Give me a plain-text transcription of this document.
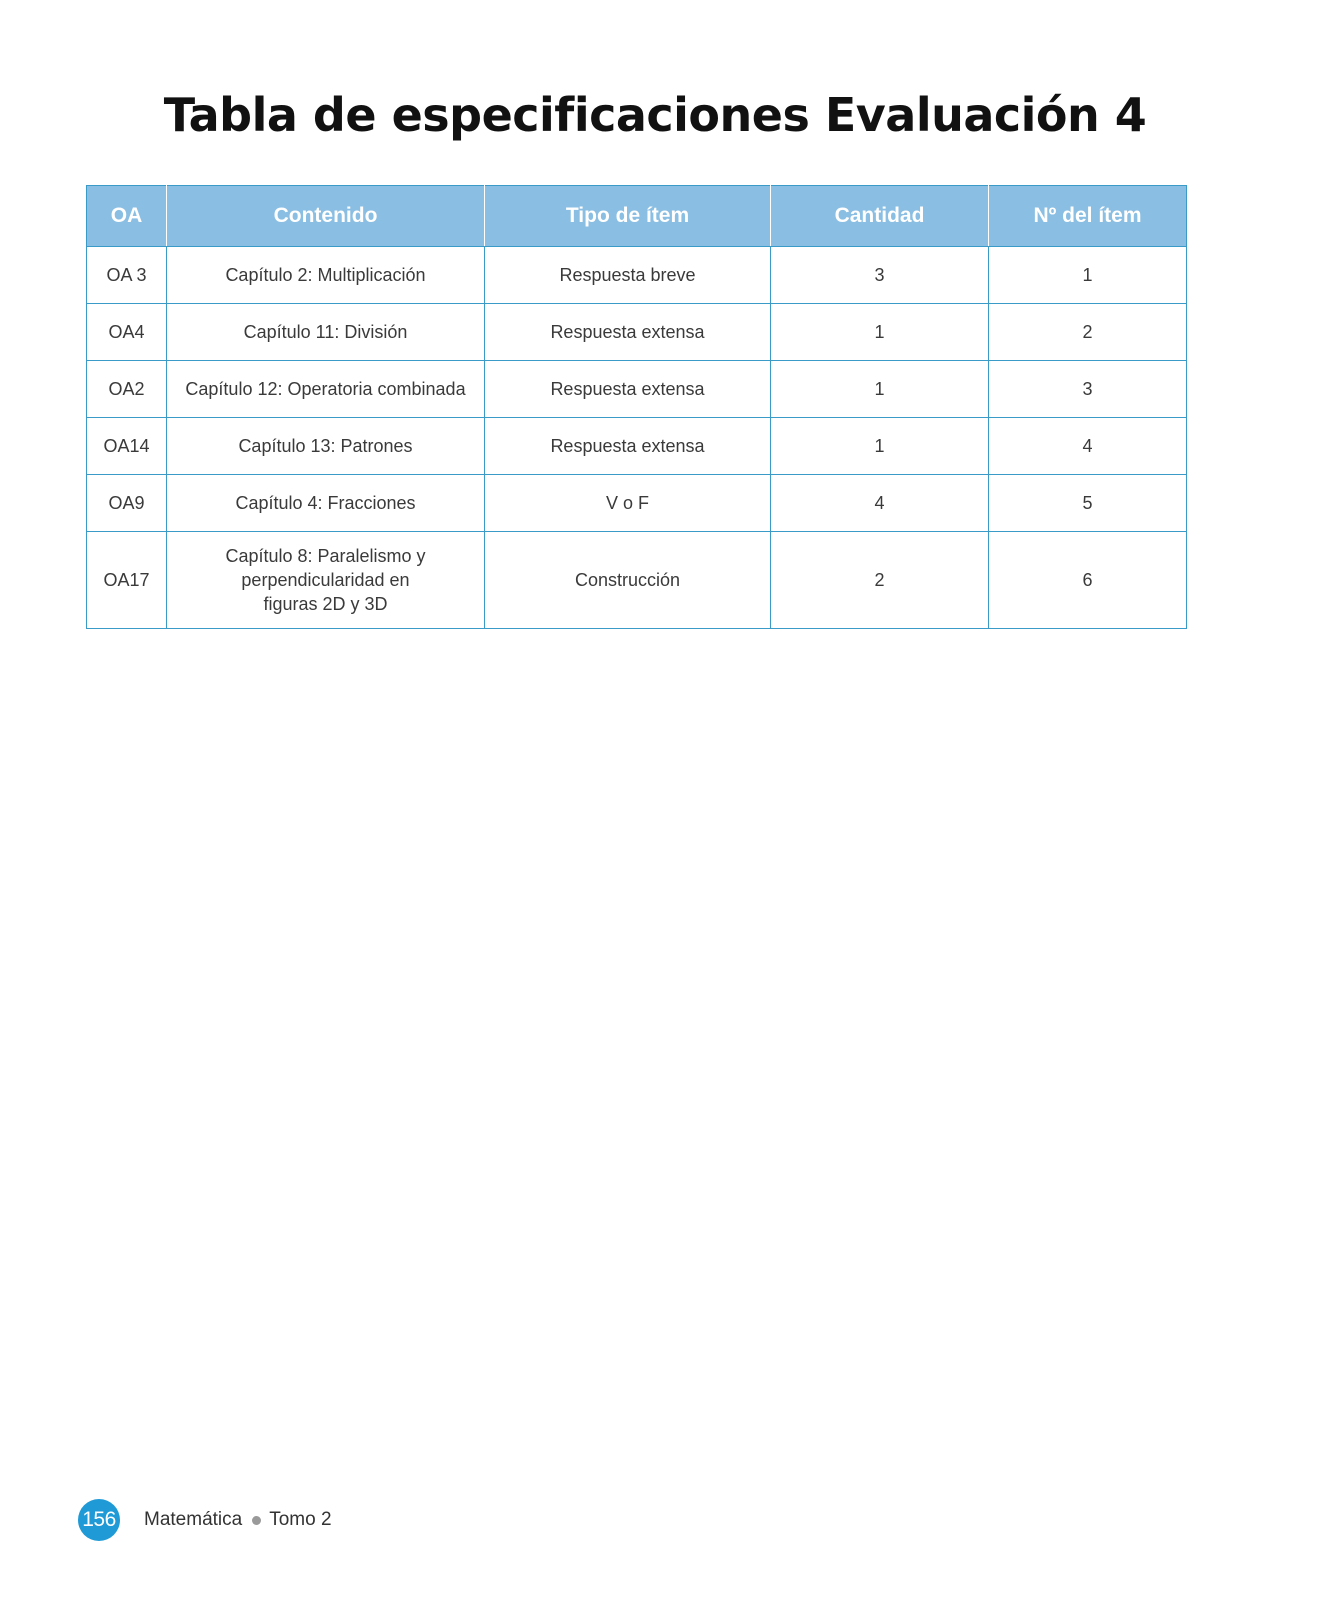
Tabla de especificaciones Evaluación 4
OA	Contenido	Tipo de ítem	Cantidad	Nº del ítem
OA 3	Capítulo 2: Multiplicación	Respuesta breve	3	1
OA4	Capítulo 11: División	Respuesta extensa	1	2
OA2	Capítulo 12: Operatoria combinada	Respuesta extensa	1	3
OA14	Capítulo 13: Patrones	Respuesta extensa	1	4
OA9	Capítulo 4: Fracciones	V o F	4	5
OA17	Capítulo 8: Paralelismo y perpendicularidad en figuras 2D y 3D	Construcción	2	6
156 Matemática Tomo 2
